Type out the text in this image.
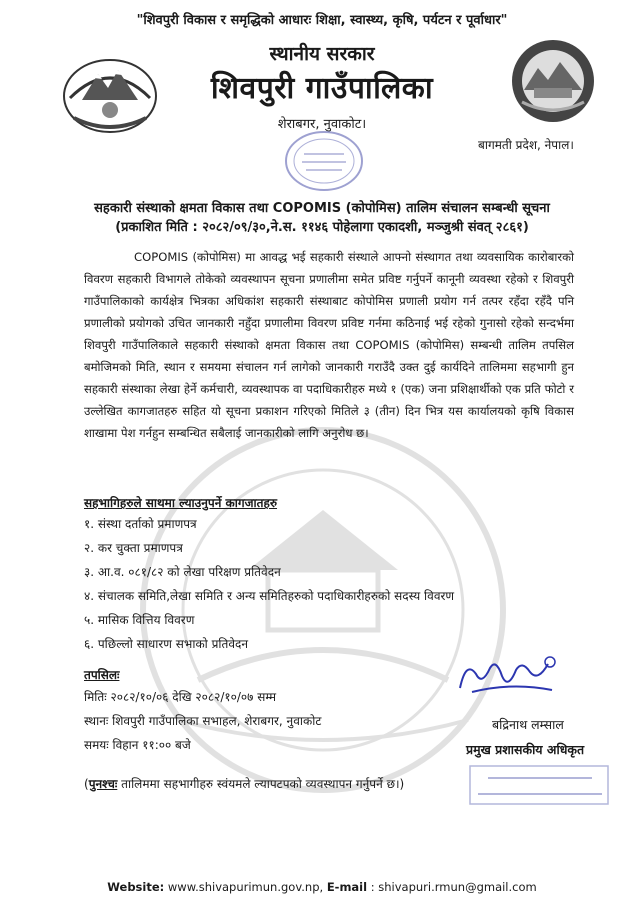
"शिवपुरी विकास र समृद्धिको आधारः शिक्षा, स्वास्थ्य, कृषि, पर्यटन र पूर्वाधार"
स्थानीय सरकार
शिवपुरी गाउँपालिका
शेराबगर, नुवाकोट।
बागमती प्रदेश, नेपाल।
सहकारी संस्थाको क्षमता विकास तथा COPOMIS (कोपोमिस) तालिम संचालन सम्बन्धी सूचना
(प्रकाशित मिति : २०८२/०९/३०,ने.स. ११४६ पोहेलागा एकादशी, मञ्जुश्री संवत्‌ २८६१)

COPOMIS (कोपोमिस) मा आवद्ध भई सहकारी संस्थाले आफ्नो संस्थागत तथा व्यवसायिक कारोबारको विवरण सहकारी विभागले तोकेको व्यवस्थापन सूचना प्रणालीमा समेत प्रविष्ट गर्नुपर्ने कानूनी व्यवस्था रहेको र शिवपुरी गाउँपालिकाको कार्यक्षेत्र भित्रका अधिकांश सहकारी संस्थाबाट कोपोमिस प्रणाली प्रयोग गर्न तत्पर रहँदा रहँदै पनि प्रणालीको प्रयोगको उचित जानकारी नहुँदा प्रणालीमा विवरण प्रविष्ट गर्नमा कठिनाई भई रहेको गुनासो रहेको सन्दर्भमा शिवपुरी गाउँपालिकाले सहकारी संस्थाको क्षमता विकास तथा COPOMIS (कोपोमिस) सम्बन्धी तालिम तपसिल बमोजिमको मिति, स्थान र समयमा संचालन गर्न लागेको जानकारी गराउँदै उक्त दुई कार्यदिने तालिममा सहभागी हुन सहकारी संस्थाका लेखा हेर्ने कर्मचारी, व्यवस्थापक वा पदाधिकारीहरु मध्ये १ (एक) जना प्रशिक्षार्थीको एक प्रति फोटो र उल्लेखित कागजातहरु सहित यो सूचना प्रकाशन गरिएको मितिले ३ (तीन) दिन भित्र यस कार्यालयको कृषि विकास शाखामा पेश गर्नहुन सम्बन्धित सबैलाई जानकारीको लागि अनुरोध छ।

सहभागिहरुले साथमा ल्याउनुपर्ने कागजातहरु
१. संस्था दर्ताको प्रमाणपत्र
२. कर चुक्ता प्रमाणपत्र
३. आ.व. ०८१/८२ को लेखा परिक्षण प्रतिवेदन
४. संचालक समिति,लेखा समिति र अन्य समितिहरुको पदाधिकारीहरुको सदस्य विवरण
५. मासिक वित्तिय विवरण
६. पछिल्लो साधारण सभाको प्रतिवेदन
तपसिलः
मितिः २०८२/१०/०६ देखि २०८२/१०/०७ सम्म
स्थानः शिवपुरी गाउँपालिका सभाहल, शेराबगर, नुवाकोट
समयः विहान ११:०० बजे
बद्रिनाथ लम्साल
प्रमुख प्रशासकीय अधिकृत
(पुनश्चः तालिममा सहभागीहरु स्वंयमले ल्यापटपको व्यवस्थापन गर्नुपर्ने छ।)
Website: www.shivapurimun.gov.np, E-mail : shivapuri.rmun@gmail.com
